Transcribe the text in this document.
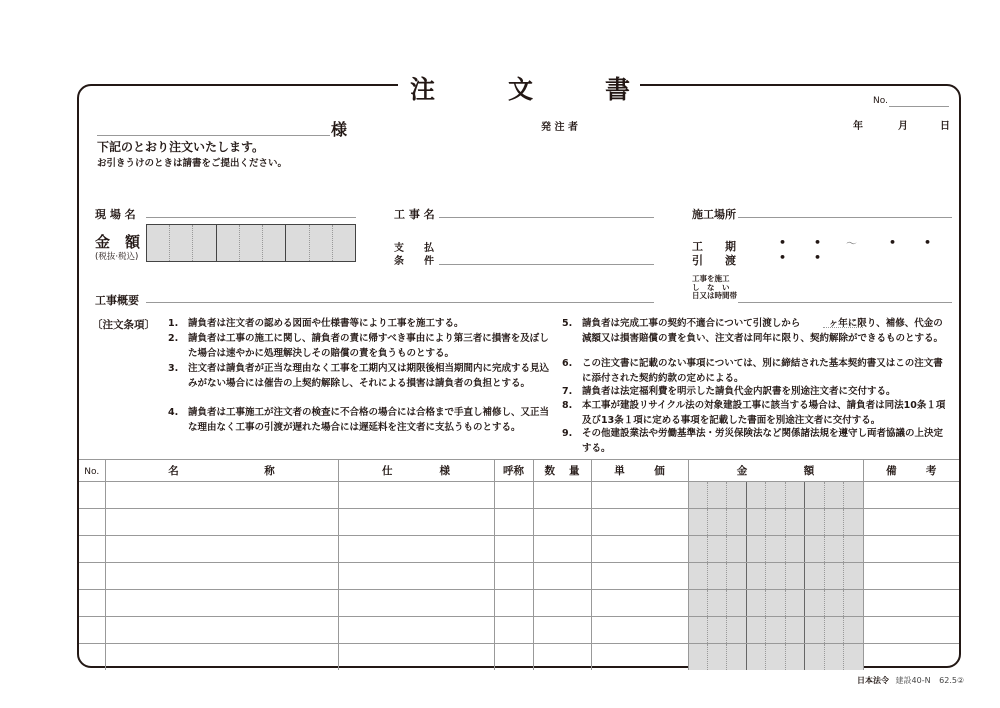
注	文	書	No.
様
下記のとおり注文いたします。
お引きうけのときは請書をご提出ください。
発 注 者	年	月	日
現 場 名	工 事 名	施工場所
金　額
(税抜·税込)
支　　払
条　　件
工　　期
引　　渡
•	• ～	•	•
•	•
工事を施工
し　な　い
日又は時間帯
工事概要
〔注文条項〕 1. 請負者は注文者の認める図面や仕様書等により工事を施工する。
2. 請負者は工事の施工に関し、請負者の責に帰すべき事由により第三者に損害を及ぼした場合は速やかに処理解決しその賠償の責を負うものとする。
3. 注文者は請負者が正当な理由なく工事を工期内又は期限後相当期間内に完成する見込みがない場合には催告の上契約解除し、それによる損害は請負者の負担とする。
4. 請負者は工事施工が注文者の検査に不合格の場合には合格まで手直し補修し、又正当な理由なく工事の引渡が遅れた場合には遅延料を注文者に支払うものとする。
5. 請負者は完成工事の契約不適合について引渡しから　　　ヶ年に限り、補修、代金の減額又は損害賠償の責を負い、注文者は同年に限り、契約解除ができるものとする。
6. この注文書に記載のない事項については、別に締結された基本契約書又はこの注文書に添付された契約約款の定めによる。
7. 請負者は法定福利費を明示した請負代金内訳書を別途注文者に交付する。
8. 本工事が建設リサイクル法の対象建設工事に該当する場合は、請負者は同法10条１項及び13条１項に定める事項を記載した書面を別途注文者に交付する。
9. その他建設業法や労働基準法・労災保険法など関係諸法規を遵守し両者協議の上決定する。
No.	名 称	仕 様	呼称	数 量	単 価	金 額	備 考

日本法令 建設40-N 62.5②
